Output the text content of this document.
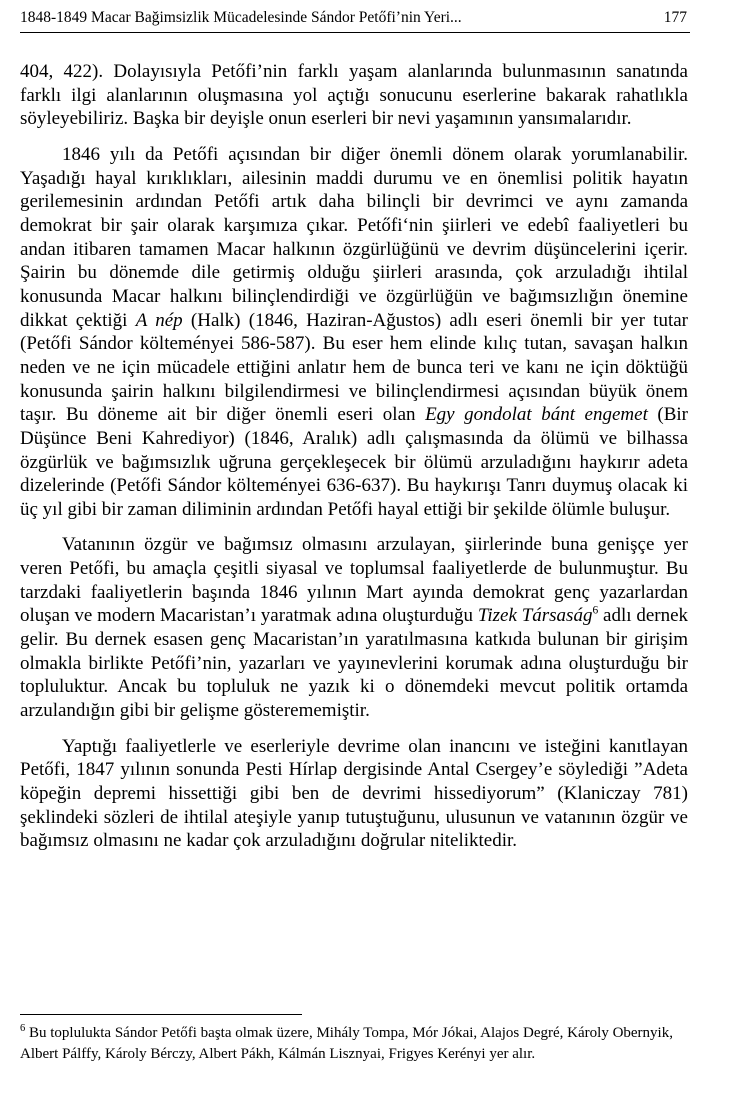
1848-1849 Macar Bağimsizlik Mücadelesinde Sándor Petőfi’nin Yeri...	177

404, 422). Dolayısıyla Petőfi’nin farklı yaşam alanlarında bulunmasının sanatında farklı ilgi alanlarının oluşmasına yol açtığı sonucunu eserlerine bakarak rahatlıkla söyleyebiliriz. Başka bir deyişle onun eserleri bir nevi yaşamının yansımalarıdır.

1846 yılı da Petőfi açısından bir diğer önemli dönem olarak yorumlanabilir. Yaşadığı hayal kırıklıkları, ailesinin maddi durumu ve en önemlisi politik hayatın gerilemesinin ardından Petőfi artık daha bilinçli bir devrimci ve aynı zamanda demokrat bir şair olarak karşımıza çıkar. Petőfi‘nin şiirleri ve edebî faaliyetleri bu andan itibaren tamamen Macar halkının özgürlüğünü ve devrim düşüncelerini içerir. Şairin bu dönemde dile getirmiş olduğu şiirleri arasında, çok arzuladığı ihtilal konusunda Macar halkını bilinçlendirdiği ve özgürlüğün ve bağımsızlığın önemine dikkat çektiği A nép (Halk) (1846, Haziran-Ağustos) adlı eseri önemli bir yer tutar (Petőfi Sándor költeményei 586-587). Bu eser hem elinde kılıç tutan, savaşan halkın neden ve ne için mücadele ettiğini anlatır hem de bunca teri ve kanı ne için döktüğü konusunda şairin halkını bilgilendirmesi ve bilinçlendirmesi açısından büyük önem taşır. Bu döneme ait bir diğer önemli eseri olan Egy gondolat bánt engemet (Bir Düşünce Beni Kahrediyor) (1846, Aralık) adlı çalışmasında da ölümü ve bilhassa özgürlük ve bağımsızlık uğruna gerçekleşecek bir ölümü arzuladığını haykırır adeta dizelerinde (Petőfi Sándor költeményei 636-637). Bu haykırışı Tanrı duymuş olacak ki üç yıl gibi bir zaman diliminin ardından Petőfi hayal ettiği bir şekilde ölümle buluşur.

Vatanının özgür ve bağımsız olmasını arzulayan, şiirlerinde buna genişçe yer veren Petőfi, bu amaçla çeşitli siyasal ve toplumsal faaliyetlerde de bulunmuştur. Bu tarzdaki faaliyetlerin başında 1846 yılının Mart ayında demokrat genç yazarlardan oluşan ve modern Macaristan’ı yaratmak adına oluşturduğu Tizek Társaság$^6$ adlı dernek gelir. Bu dernek esasen genç Macaristan’ın yaratılmasına katkıda bulunan bir girişim olmakla birlikte Petőfi’nin, yazarları ve yayınevlerini korumak adına oluşturduğu bir topluluktur. Ancak bu topluluk ne yazık ki o dönemdeki mevcut politik ortamda arzulandığın gibi bir gelişme gösterememiştir.

Yaptığı faaliyetlerle ve eserleriyle devrime olan inancını ve isteğini kanıtlayan Petőfi, 1847 yılının sonunda Pesti Hírlap dergisinde Antal Csergey’e söylediği ”Adeta köpeğin depremi hissettiği gibi ben de devrimi hissediyorum” (Klaniczay 781) şeklindeki sözleri de ihtilal ateşiyle yanıp tutuştuğunu, ulusunun ve vatanının özgür ve bağımsız olmasını ne kadar çok arzuladığını doğrular niteliktedir.

$^6$ Bu toplulukta Sándor Petőfi başta olmak üzere, Mihály Tompa, Mór Jókai, Alajos Degré, Károly Obernyik, Albert Pálffy, Károly Bérczy, Albert Pákh, Kálmán Lisznyai, Frigyes Kerényi yer alır.
